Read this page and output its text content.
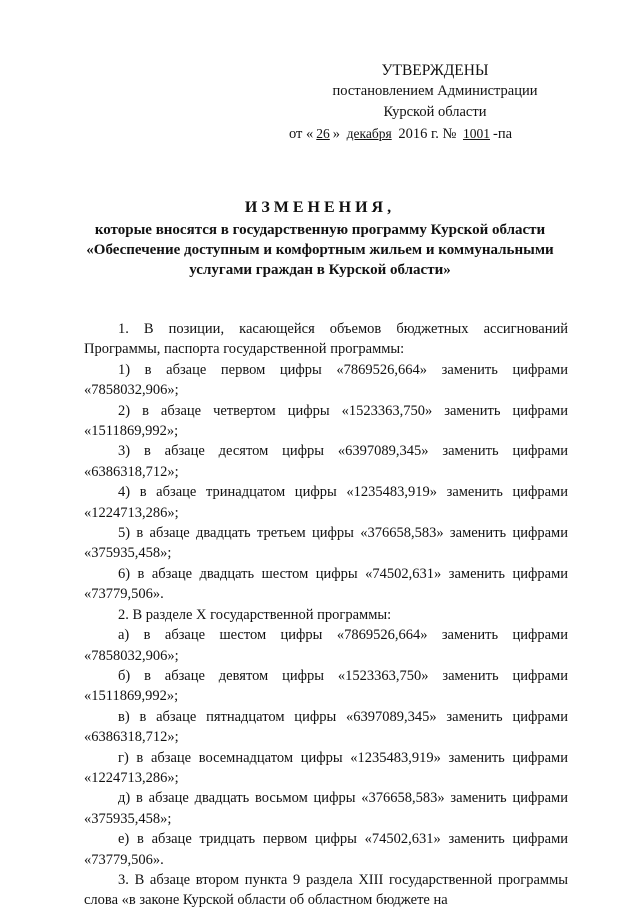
УТВЕРЖДЕНЫ
постановлением Администрации
Курской области
от « 26 » декабря 2016 г. № 1001 -па
ИЗМЕНЕНИЯ,
которые вносятся в государственную программу Курской области
«Обеспечение доступным и комфортным жильем и коммунальными
услугами граждан в Курской области»

1. В позиции, касающейся объемов бюджетных ассигнований Программы, паспорта государственной программы:

1) в абзаце первом цифры «7869526,664» заменить цифрами «7858032,906»;

2) в абзаце четвертом цифры «1523363,750» заменить цифрами «1511869,992»;

3) в абзаце десятом цифры «6397089,345» заменить цифрами «6386318,712»;

4) в абзаце тринадцатом цифры «1235483,919» заменить цифрами «1224713,286»;

5) в абзаце двадцать третьем цифры «376658,583» заменить цифрами «375935,458»;

6) в абзаце двадцать шестом цифры «74502,631» заменить цифрами «73779,506».

2. В разделе X государственной программы:

а) в абзаце шестом цифры «7869526,664» заменить цифрами «7858032,906»;

б) в абзаце девятом цифры «1523363,750» заменить цифрами «1511869,992»;

в) в абзаце пятнадцатом цифры «6397089,345» заменить цифрами «6386318,712»;

г) в абзаце восемнадцатом цифры «1235483,919» заменить цифрами «1224713,286»;

д) в абзаце двадцать восьмом цифры «376658,583» заменить цифрами «375935,458»;

е) в абзаце тридцать первом цифры «74502,631» заменить цифрами «73779,506».

3. В абзаце втором пункта 9 раздела XIII государственной программы слова «в законе Курской области об областном бюджете на
